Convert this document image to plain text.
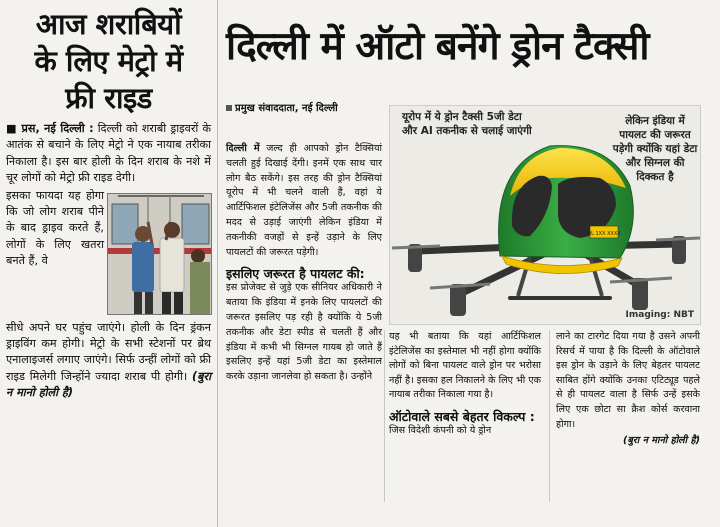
आज शराबियों
के लिए मेट्रो में
फ्री राइड

■ प्रस, नई दिल्ली : दिल्ली को शराबी ड्राइवरों के आतंक से बचाने के लिए मेट्रो ने एक नायाब तरीका निकाला है। इस बार होली के दिन शराब के नशे में चूर लोगों को मेट्रो फ्री राइड देगी।

इसका फायदा यह होगा कि जो लोग शराब पीने के बाद ड्राइव करते हैं, लोगों के लिए खतरा बनते हैं, वे

सीधे अपने घर पहुंच जाएंगे। होली के दिन ड्रंकन ड्राइविंग कम होगी। मेट्रो के सभी स्टेशनों पर ब्रेथ एनालाइजर्स लगाए जाएंगे। सिर्फ उन्हीं लोगों को फ्री राइड मिलेगी जिन्होंने ज्यादा शराब पी होगी। (बुरा न मानो होली है)

दिल्ली में ऑटो बनेंगे ड्रोन टैक्सी
प्रमुख संवाददाता, नई दिल्ली

दिल्ली में जल्द ही आपको ड्रोन टैक्सियां चलती हुई दिखाई देंगी। इनमें एक साथ चार लोग बैठ सकेंगे। इस तरह की ड्रोन टैक्सियां यूरोप में भी चलने वाली हैं, वहां ये आर्टिफिशल इंटेलिजेंस और 5जी तकनीक की मदद से उड़ाई जाएंगी लेकिन इंडिया में तकनीकी वजहों से इन्हें उड़ाने के लिए पायलटों की जरूरत पड़ेगी।

इसलिए जरूरत है पायलट की:

इस प्रोजेक्ट से जुड़े एक सीनियर अधिकारी ने बताया कि इंडिया में इनके लिए पायलटों की जरूरत इसलिए पड़ रही है क्योंकि ये 5जी तकनीक और डेटा स्पीड से चलती हैं और इंडिया में कभी भी सिग्नल गायब हो जाते हैं इसलिए इन्हें यहां 5जी डेटा का इस्तेमाल करके उड़ाना जानलेवा हो सकता है। उन्होंने

DL 1XX XXXX
यूरोप में ये ड्रोन टैक्सी 5जी डेटा और AI तकनीक से चलाई जाएंगी
लेकिन इंडिया में पायलट की जरूरत पड़ेगी क्योंकि यहां डेटा और सिग्नल की दिक्कत है
Imaging: NBT

यह भी बताया कि यहां आर्टिफिशल इंटेलिजेंस का इस्तेमाल भी नहीं होगा क्योंकि लोगों को बिना पायलट वाले ड्रोन पर भरोसा नहीं है। इसका हल निकालने के लिए भी एक नायाब तरीका निकाला गया है।

ऑटोवाले सबसे बेहतर विकल्प :

जिस विदेशी कंपनी को ये ड्रोन

लाने का टारगेट दिया गया है उसने अपनी रिसर्च में पाया है कि दिल्ली के ऑटोवाले इस ड्रोन के उड़ाने के लिए बेहतर पायलट साबित होंगे क्योंकि उनका एटिट्यूड पहले से ही पायलट वाला है सिर्फ उन्हें इसके लिए एक छोटा सा क्रैश कोर्स करवाना होगा।

(बुरा न मानो होली है)
